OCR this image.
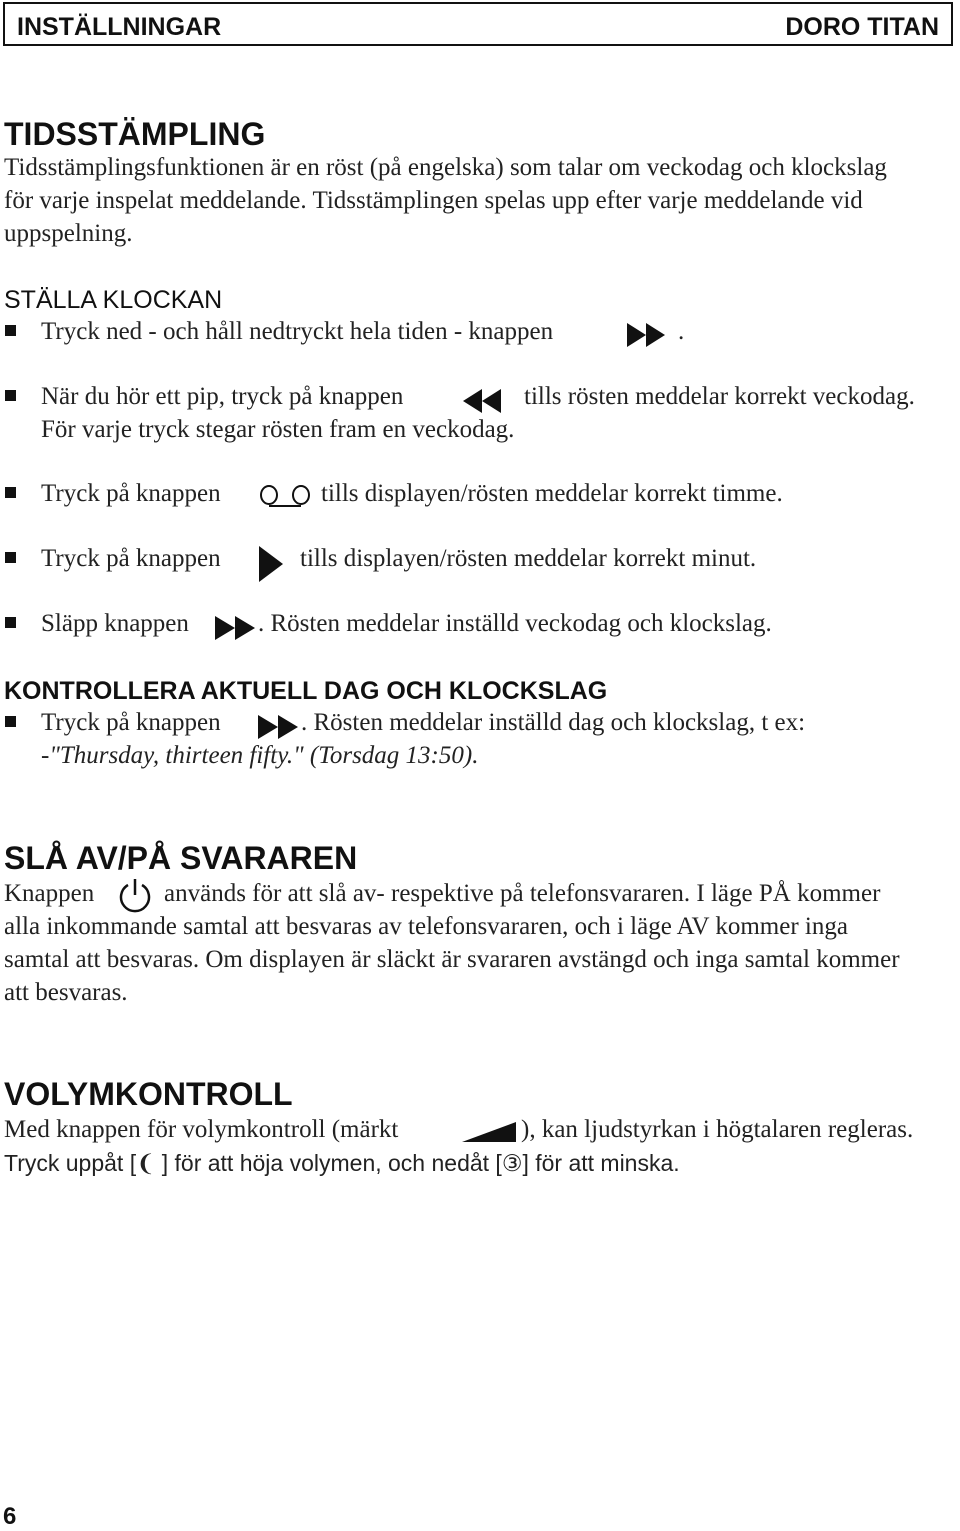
INSTÄLLNINGAR	DORO TITAN
TIDSSTÄMPLING
Tidsstämplingsfunktionen är en röst (på engelska) som talar om veckodag och klockslag
för varje inspelat meddelande. Tidsstämplingen spelas upp efter varje meddelande vid
uppspelning.
STÄLLA KLOCKAN
Tryck ned - och håll nedtryckt hela tiden - knappen	.
När du hör ett pip, tryck på knappen	tills rösten meddelar korrekt veckodag.
För varje tryck stegar rösten fram en veckodag.
Tryck på knappen	tills displayen/rösten meddelar korrekt timme.
Tryck på knappen	tills displayen/rösten meddelar korrekt minut.
Släpp knappen	. Rösten meddelar inställd veckodag och klockslag.
KONTROLLERA AKTUELL DAG OCH KLOCKSLAG
Tryck på knappen	. Rösten meddelar inställd dag och klockslag, t ex:
-"Thursday, thirteen fifty." (Torsdag 13:50).
SLÅ AV/PÅ SVARAREN
Knappen	används för att slå av- respektive på telefonsvararen. I läge PÅ kommer
alla inkommande samtal att besvaras av telefonsvararen, och i läge AV kommer inga
samtal att besvaras. Om displayen är släckt är svararen avstängd och inga samtal kommer
att besvaras.
VOLYMKONTROLL
Med knappen för volymkontroll (märkt	), kan ljudstyrkan i högtalaren regleras.
Tryck uppåt [❨ ] för att höja volymen, och nedåt [③] för att minska.
6
